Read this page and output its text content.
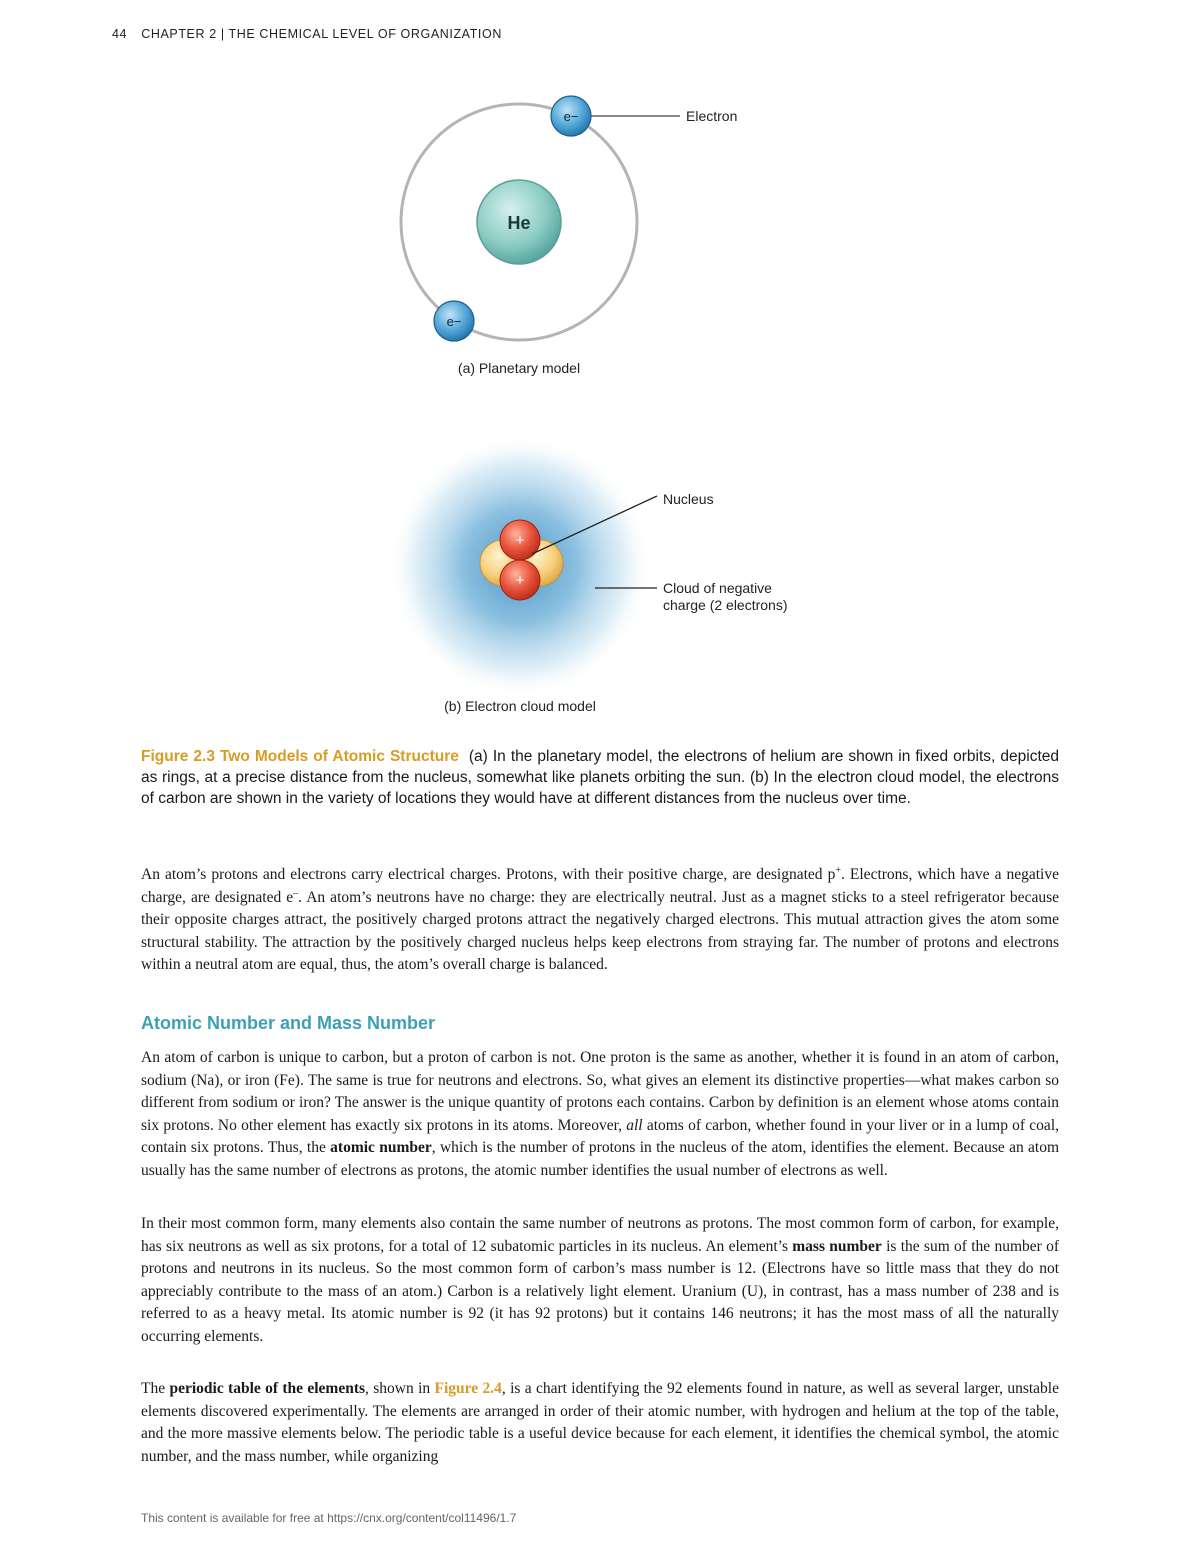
44 CHAPTER 2 | THE CHEMICAL LEVEL OF ORGANIZATION
He
e−
e−
Electron
(a) Planetary model
+
+
Nucleus
Cloud of negative
charge (2 electrons)
(b) Electron cloud model
Figure 2.3 Two Models of Atomic Structure (a) In the planetary model, the electrons of helium are shown in fixed orbits, depicted as rings, at a precise distance from the nucleus, somewhat like planets orbiting the sun. (b) In the electron cloud model, the electrons of carbon are shown in the variety of locations they would have at different distances from the nucleus over time.
An atom’s protons and electrons carry electrical charges. Protons, with their positive charge, are designated p+. Electrons, which have a negative charge, are designated e–. An atom’s neutrons have no charge: they are electrically neutral. Just as a magnet sticks to a steel refrigerator because their opposite charges attract, the positively charged protons attract the negatively charged electrons. This mutual attraction gives the atom some structural stability. The attraction by the positively charged nucleus helps keep electrons from straying far. The number of protons and electrons within a neutral atom are equal, thus, the atom’s overall charge is balanced.
Atomic Number and Mass Number
An atom of carbon is unique to carbon, but a proton of carbon is not. One proton is the same as another, whether it is found in an atom of carbon, sodium (Na), or iron (Fe). The same is true for neutrons and electrons. So, what gives an element its distinctive properties—what makes carbon so different from sodium or iron? The answer is the unique quantity of protons each contains. Carbon by definition is an element whose atoms contain six protons. No other element has exactly six protons in its atoms. Moreover, all atoms of carbon, whether found in your liver or in a lump of coal, contain six protons. Thus, the atomic number, which is the number of protons in the nucleus of the atom, identifies the element. Because an atom usually has the same number of electrons as protons, the atomic number identifies the usual number of electrons as well.
In their most common form, many elements also contain the same number of neutrons as protons. The most common form of carbon, for example, has six neutrons as well as six protons, for a total of 12 subatomic particles in its nucleus. An element’s mass number is the sum of the number of protons and neutrons in its nucleus. So the most common form of carbon’s mass number is 12. (Electrons have so little mass that they do not appreciably contribute to the mass of an atom.) Carbon is a relatively light element. Uranium (U), in contrast, has a mass number of 238 and is referred to as a heavy metal. Its atomic number is 92 (it has 92 protons) but it contains 146 neutrons; it has the most mass of all the naturally occurring elements.
The periodic table of the elements, shown in Figure 2.4, is a chart identifying the 92 elements found in nature, as well as several larger, unstable elements discovered experimentally. The elements are arranged in order of their atomic number, with hydrogen and helium at the top of the table, and the more massive elements below. The periodic table is a useful device because for each element, it identifies the chemical symbol, the atomic number, and the mass number, while organizing
This content is available for free at https://cnx.org/content/col11496/1.7
